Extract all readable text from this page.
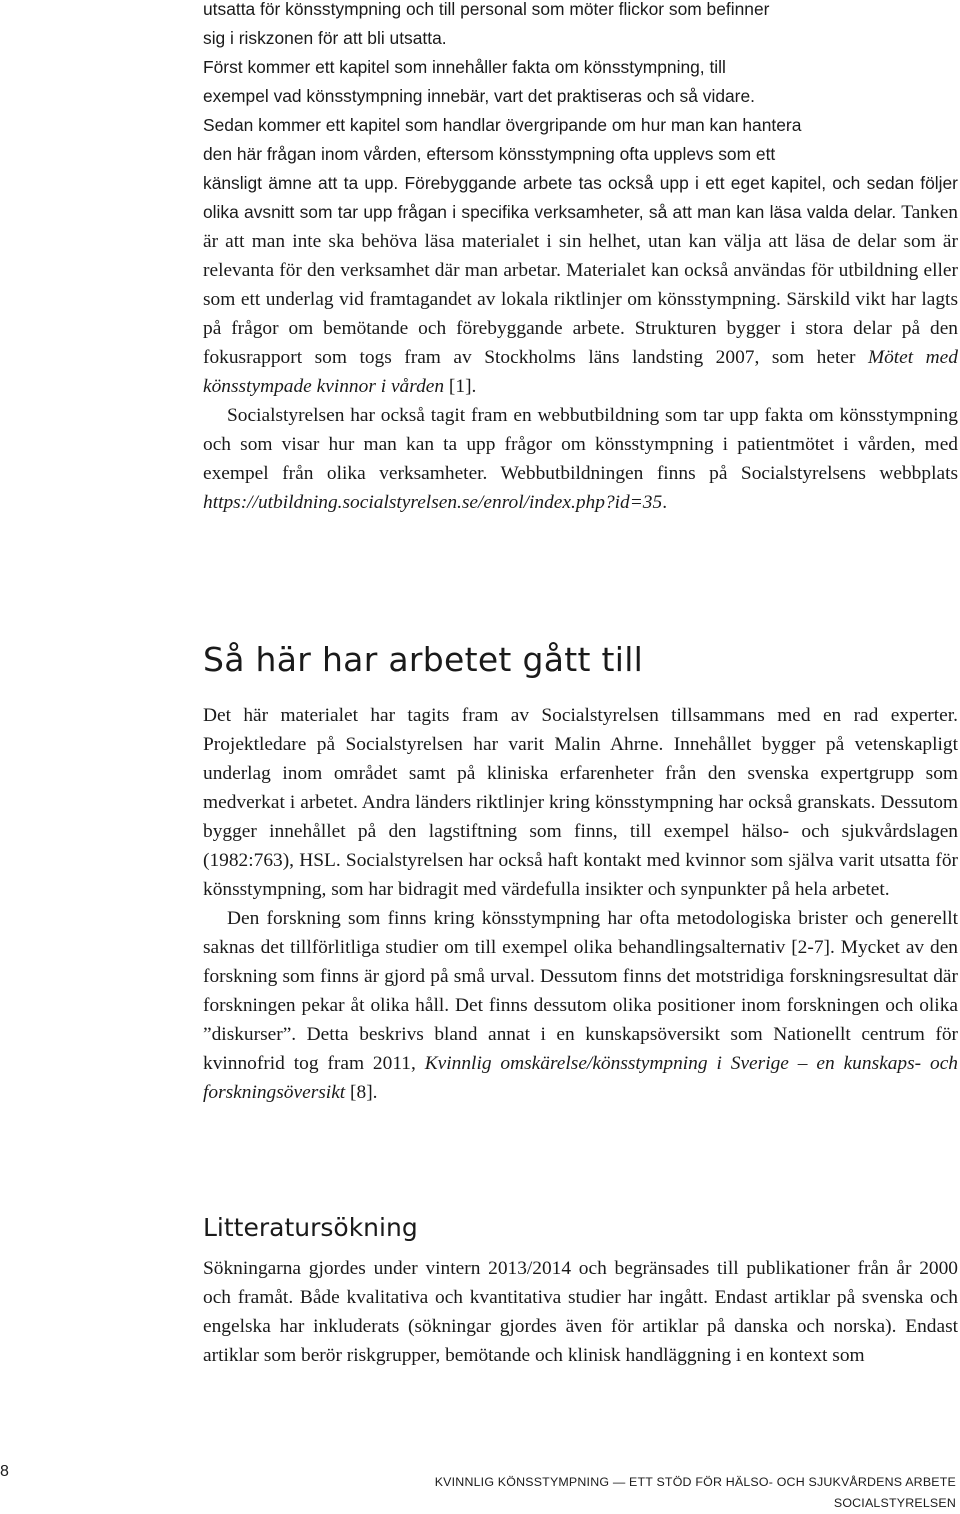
utsatta för könsstympning och till personal som möter flickor som befinner
sig i riskzonen för att bli utsatta.
Först kommer ett kapitel som innehåller fakta om könsstympning, till
exempel vad könsstympning innebär, vart det praktiseras och så vidare.

Sedan kommer ett kapitel som handlar övergripande om hur man kan hantera
den här frågan inom vården, eftersom könsstympning ofta upplevs som ett
känsligt ämne att ta upp. Förebyggande arbete tas också upp i ett eget kapitel, och sedan följer olika avsnitt som tar upp frågan i specifika verksamheter, så att man kan läsa valda delar. Tanken är att man inte ska behöva läsa materialet i sin helhet, utan kan välja att läsa de delar som är relevanta för den verksamhet där man arbetar. Materialet kan också användas för utbildning eller som ett underlag vid framtagandet av lokala riktlinjer om könsstympning. Särskild vikt har lagts på frågor om bemötande och förebyggande arbete. Strukturen bygger i stora delar på den fokusrapport som togs fram av Stockholms läns landsting 2007, som heter Mötet med könsstympade kvinnor i vården [1].

Socialstyrelsen har också tagit fram en webbutbildning som tar upp fakta om könsstympning och som visar hur man kan ta upp frågor om könsstympning i patientmötet i vården, med exempel från olika verksamheter. Webbutbildningen finns på Socialstyrelsens webbplats https://utbildning.socialstyrelsen.se/enrol/index.php?id=35.

Så här har arbetet gått till

Det här materialet har tagits fram av Socialstyrelsen tillsammans med en rad experter. Projektledare på Socialstyrelsen har varit Malin Ahrne. Innehållet bygger på vetenskapligt underlag inom området samt på kliniska erfarenheter från den svenska expertgrupp som medverkat i arbetet. Andra länders riktlinjer kring könsstympning har också granskats. Dessutom bygger innehållet på den lagstiftning som finns, till exempel hälso- och sjukvårdslagen (1982:763), HSL. Socialstyrelsen har också haft kontakt med kvinnor som själva varit utsatta för könsstympning, som har bidragit med värdefulla insikter och synpunkter på hela arbetet.

Den forskning som finns kring könsstympning har ofta metodologiska brister och generellt saknas det tillförlitliga studier om till exempel olika behandlingsalternativ [2-7]. Mycket av den forskning som finns är gjord på små urval. Dessutom finns det motstridiga forskningsresultat där forskningen pekar åt olika håll. Det finns dessutom olika positioner inom forskningen och olika ”diskurser”. Detta beskrivs bland annat i en kunskapsöversikt som Nationellt centrum för kvinnofrid tog fram 2011, Kvinnlig omskärelse/könsstympning i Sverige – en kunskaps- och forskningsöversikt [8].

Litteratursökning

Sökningarna gjordes under vintern 2013/2014 och begränsades till publikationer från år 2000 och framåt. Både kvalitativa och kvantitativa studier har ingått. Endast artiklar på svenska och engelska har inkluderats (sökningar gjordes även för artiklar på danska och norska). Endast artiklar som berör riskgrupper, bemötande och klinisk handläggning i en kontext som

8
KVINNLIG KÖNSSTYMPNING — ETT STÖD FÖR HÄLSO- OCH SJUKVÅRDENS ARBETE
SOCIALSTYRELSEN
